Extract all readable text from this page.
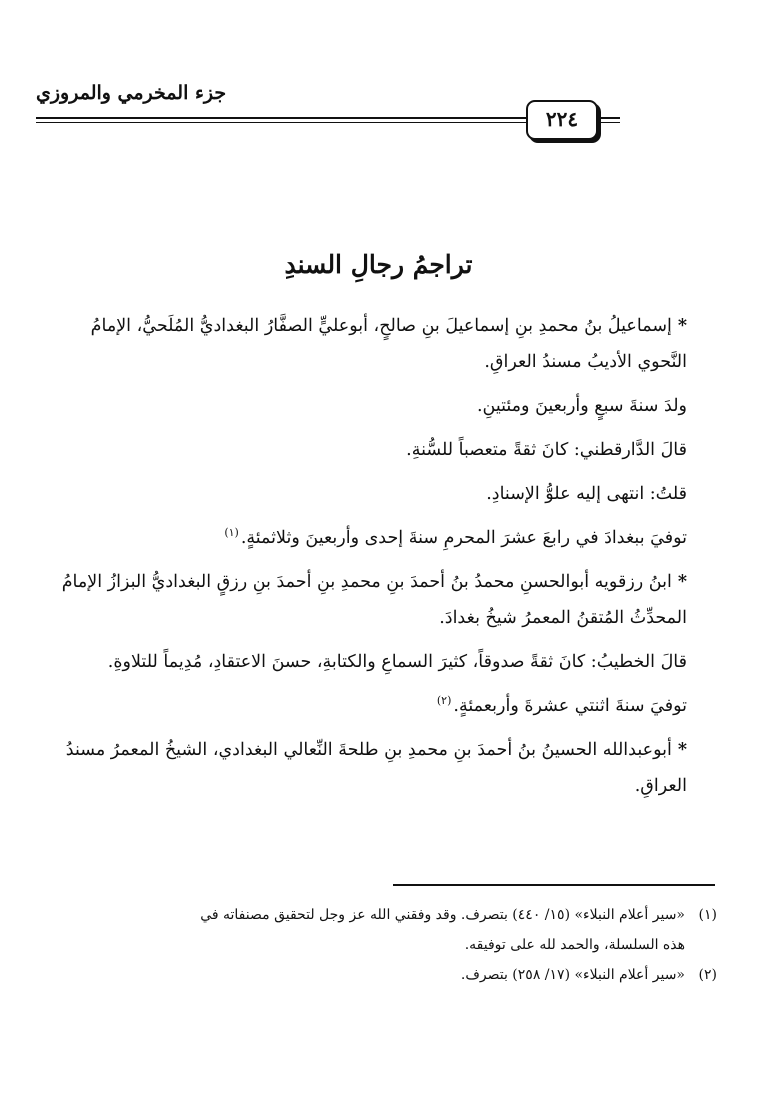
جزء المخرمي والمروزي
٢٢٤
تراجمُ رجالِ السندِ

*إسماعيلُ بنُ محمدِ بنِ إسماعيلَ بنِ صالحٍ، أبوعليٍّ الصفَّارُ البغداديُّ المُلَحيُّ، الإمامُ النَّحوي الأديبُ مسندُ العراقِ.

ولدَ سنةَ سبعٍ وأربعينَ ومئتينِ.

قالَ الدَّارقطني: كانَ ثقةً متعصباً للسُّنةِ.

قلتُ: انتهى إليه علوُّ الإسنادِ.

توفيَ ببغدادَ في رابعَ عشرَ المحرمِ سنةَ إحدى وأربعينَ وثلاثمئةٍ.$^{(١)}$

*ابنُ رزقويه أبوالحسنِ محمدُ بنُ أحمدَ بنِ محمدِ بنِ أحمدَ بنِ رزقٍ البغداديُّ البزازُ الإمامُ المحدِّثُ المُتقنُ المعمرُ شيخُ بغدادَ.

قالَ الخطيبُ: كانَ ثقةً صدوقاً، كثيرَ السماعِ والكتابةِ، حسنَ الاعتقادِ، مُدِيماً للتلاوةِ.

توفيَ سنةَ اثنتي عشرةَ وأربعمئةٍ.$^{(٢)}$

*أبوعبدالله الحسينُ بنُ أحمدَ بنِ محمدِ بنِ طلحةَ النِّعالي البغدادي، الشيخُ المعمرُ مسندُ العراقِ.

(١)«سير أعلام النبلاء» (١٥/ ٤٤٠) بتصرف. وقد وفقني الله عز وجل لتحقيق مصنفاته في

هذه السلسلة، والحمد لله على توفيقه.

(٢)«سير أعلام النبلاء» (١٧/ ٢٥٨) بتصرف.
